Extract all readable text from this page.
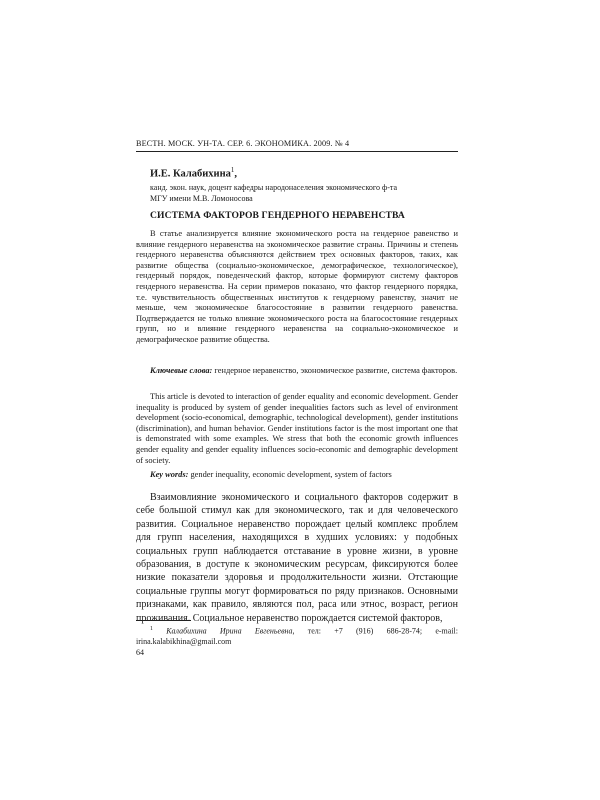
ВЕСТН. МОСК. УН-ТА. СЕР. 6. ЭКОНОМИКА. 2009. № 4
И.Е. Калабихина$^1$,
канд. экон. наук, доцент кафедры народонаселения экономического ф-та
МГУ имени М.В. Ломоносова
СИСТЕМА ФАКТОРОВ ГЕНДЕРНОГО НЕРАВЕНСТВА
В статье анализируется влияние экономического роста на гендерное равенство и влияние гендерного неравенства на экономическое развитие страны. Причины и степень гендерного неравенства объясняются действием трех основных факторов, таких, как развитие общества (социально-экономическое, демографическое, технологическое), гендерный порядок, поведенческий фактор, которые формируют систему факторов гендерного неравенства. На серии примеров показано, что фактор гендерного порядка, т.е. чувствительность общественных институтов к гендерному равенству, значит не меньше, чем экономическое благосостояние в развитии гендерного равенства. Подтверждается не только влияние экономического роста на благосостояние гендерных групп, но и влияние гендерного неравенства на социально-экономическое и демографическое развитие общества.
Ключевые слова: гендерное неравенство, экономическое развитие, система факторов.
This article is devoted to interaction of gender equality and economic development. Gender inequality is produced by system of gender inequalities factors such as level of environment development (socio-economical, demographic, technological development), gender institutions (discrimination), and human behavior. Gender institutions factor is the most important one that is demonstrated with some examples. We stress that both the economic growth influences gender equality and gender equality influences socio-economic and demographic development of society.
Key words: gender inequality, economic development, system of factors
Взаимовлияние экономического и социального факторов содержит в себе большой стимул как для экономического, так и для человеческого развития. Социальное неравенство порождает целый комплекс проблем для групп населения, находящихся в худших условиях: у подобных социальных групп наблюдается отставание в уровне жизни, в уровне образования, в доступе к экономическим ресурсам, фиксируются более низкие показатели здоровья и продолжительности жизни. Отстающие социальные группы могут формироваться по ряду признаков. Основными признаками, как правило, являются пол, раса или этнос, возраст, регион проживания. Социальное неравенство порождается системой факторов,
$^1$ Калабихина Ирина Евгеньевна, тел: +7 (916) 686-28-74; e-mail: irina.kalabikhina@gmail.com
64
